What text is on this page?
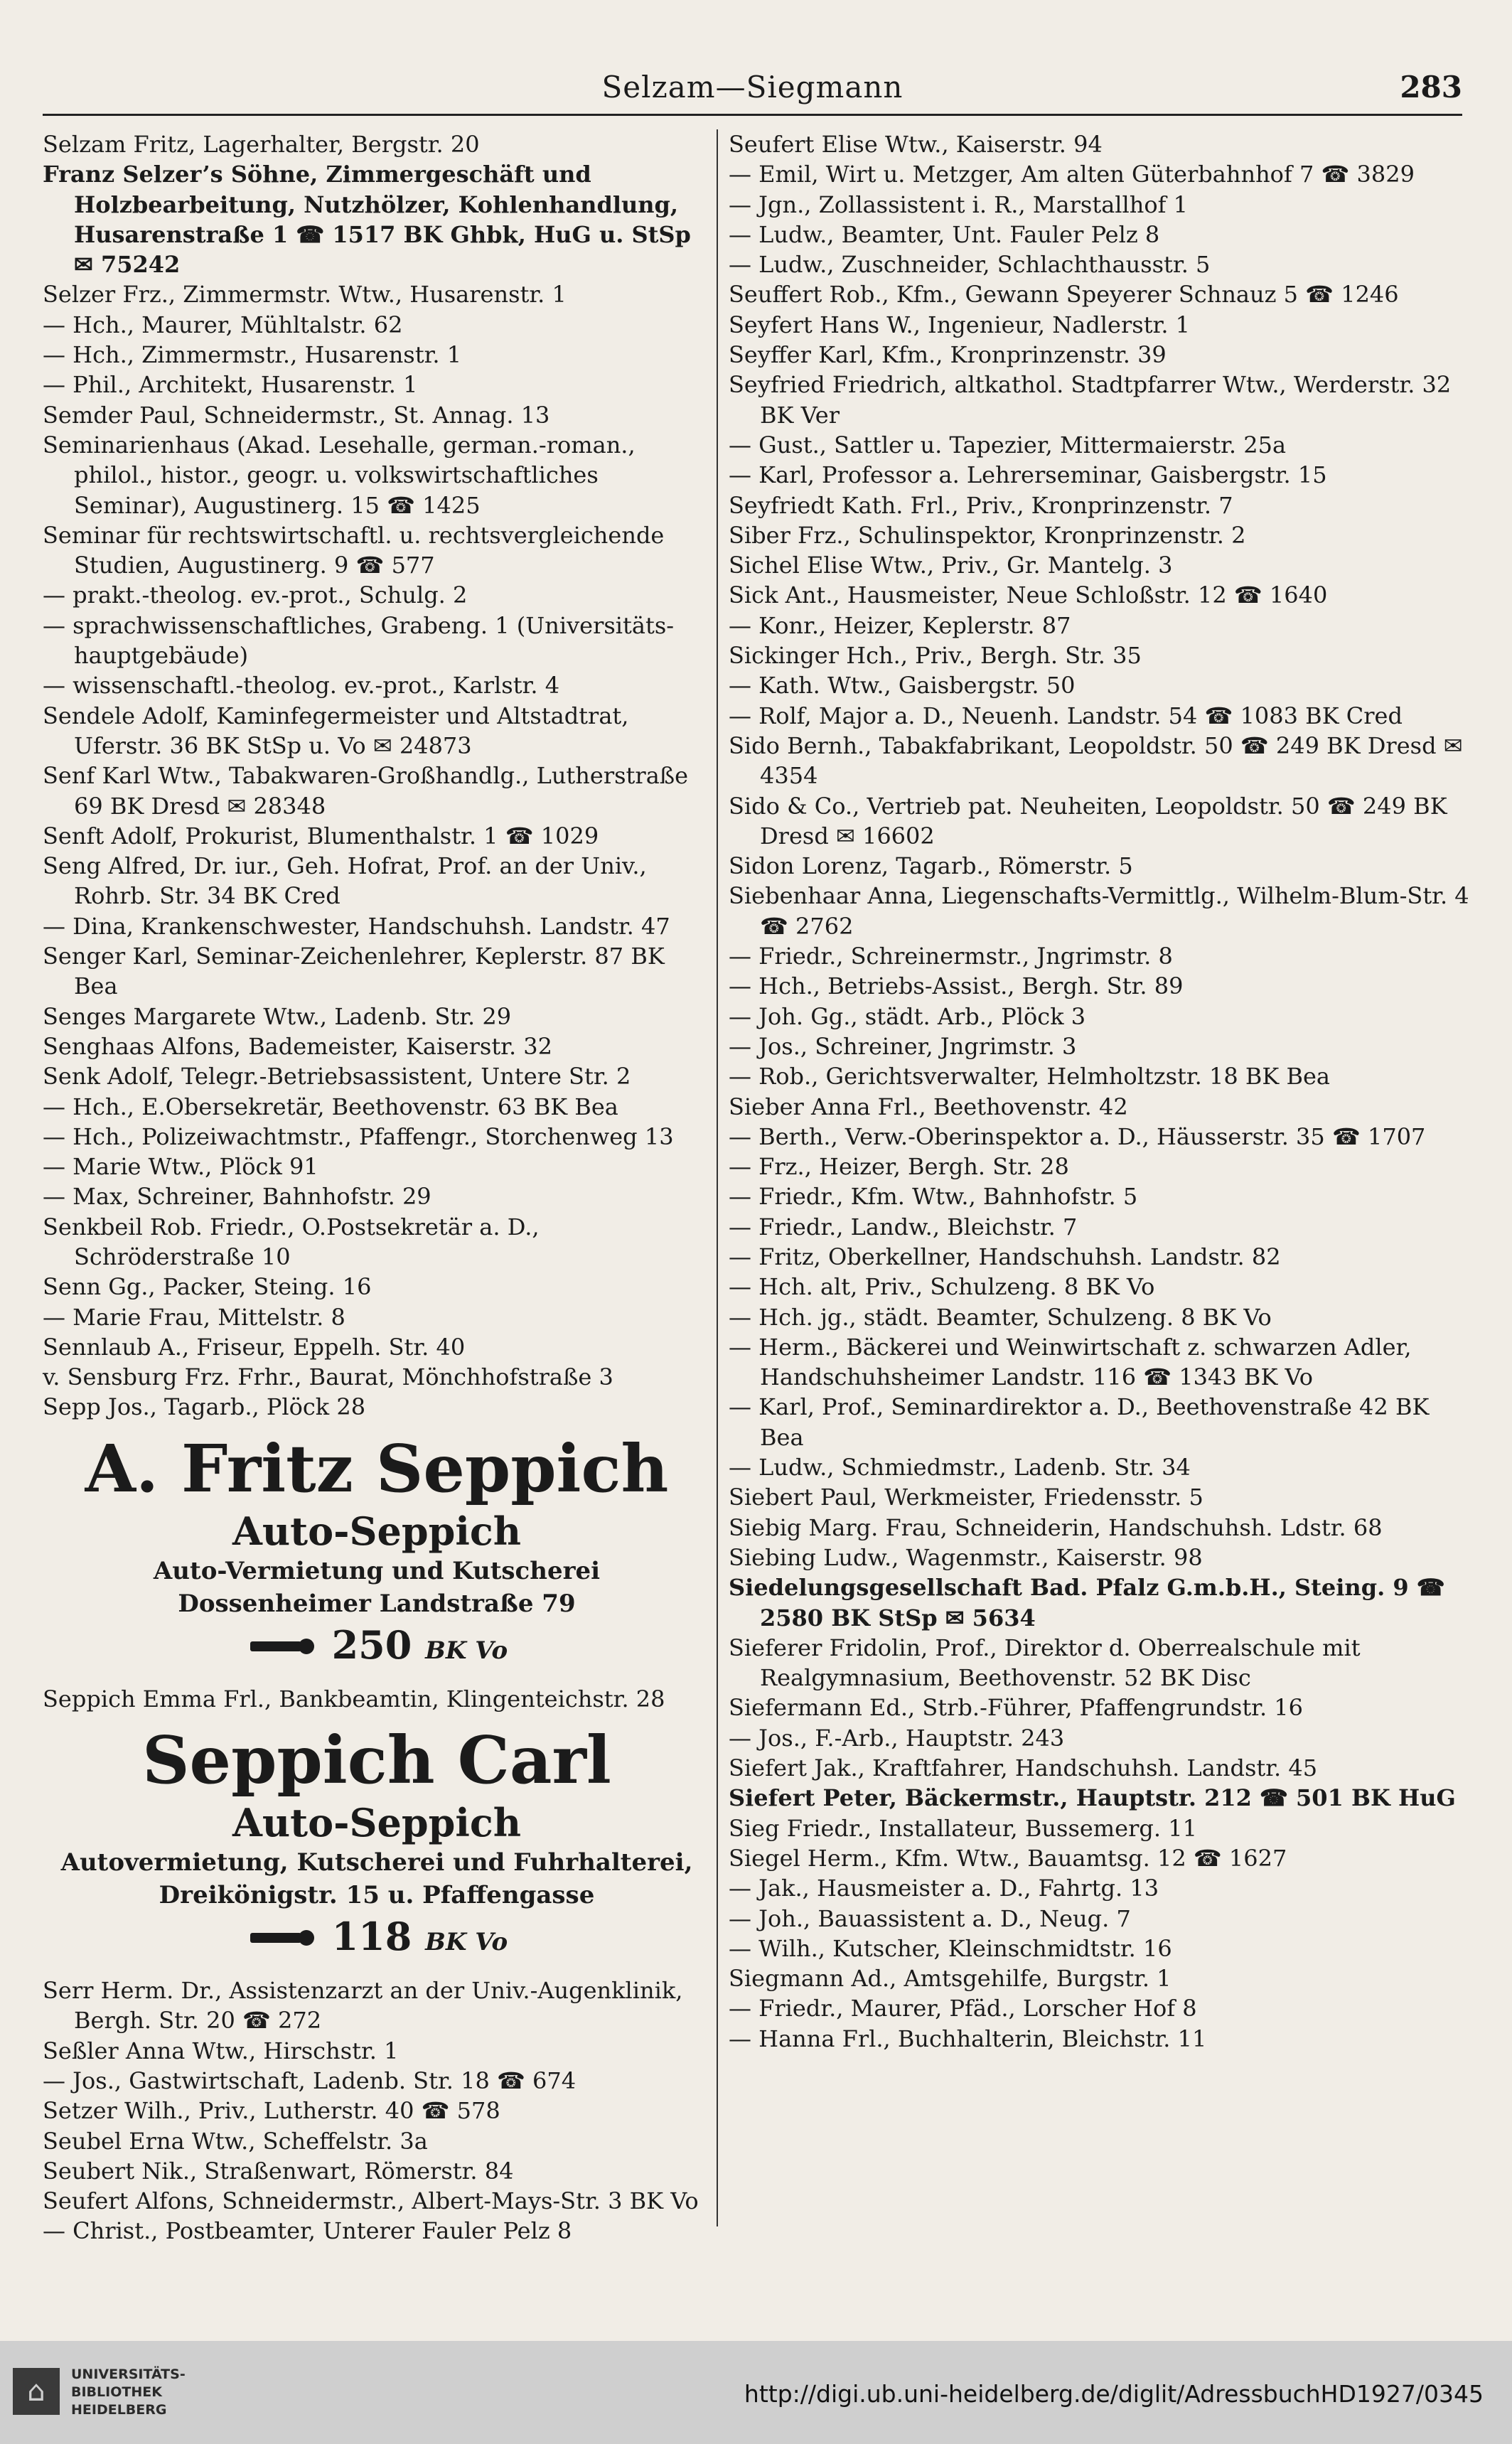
Selzam—Siegmann	283

Selzam Fritz, Lagerhalter, Bergstr. 20

Franz Selzer’s Söhne, Zimmergeschäft und Holzbearbeitung, Nutzhölzer, Kohlenhandlung, Husarenstraße 1 ☎ 1517 BK Ghbk, HuG u. StSp ✉ 75242

Selzer Frz., Zimmermstr. Wtw., Husarenstr. 1

— Hch., Maurer, Mühltalstr. 62

— Hch., Zimmermstr., Husarenstr. 1

— Phil., Architekt, Husarenstr. 1

Semder Paul, Schneidermstr., St. Annag. 13

Seminarienhaus (Akad. Lesehalle, german.-roman., philol., histor., geogr. u. volkswirtschaftliches Seminar), Augustinerg. 15 ☎ 1425

Seminar für rechtswirtschaftl. u. rechtsvergleichende Studien, Augustinerg. 9 ☎ 577

— prakt.-theolog. ev.-prot., Schulg. 2

— sprachwissenschaftliches, Grabeng. 1 (Universitäts-hauptgebäude)

— wissenschaftl.-theolog. ev.-prot., Karlstr. 4

Sendele Adolf, Kaminfegermeister und Altstadtrat, Uferstr. 36 BK StSp u. Vo ✉ 24873

Senf Karl Wtw., Tabakwaren-Großhandlg., Lutherstraße 69 BK Dresd ✉ 28348

Senft Adolf, Prokurist, Blumenthalstr. 1 ☎ 1029

Seng Alfred, Dr. iur., Geh. Hofrat, Prof. an der Univ., Rohrb. Str. 34 BK Cred

— Dina, Krankenschwester, Handschuhsh. Landstr. 47

Senger Karl, Seminar-Zeichenlehrer, Keplerstr. 87 BK Bea

Senges Margarete Wtw., Ladenb. Str. 29

Senghaas Alfons, Bademeister, Kaiserstr. 32

Senk Adolf, Telegr.-Betriebsassistent, Untere Str. 2

— Hch., E.Obersekretär, Beethovenstr. 63 BK Bea

— Hch., Polizeiwachtmstr., Pfaffengr., Storchenweg 13

— Marie Wtw., Plöck 91

— Max, Schreiner, Bahnhofstr. 29

Senkbeil Rob. Friedr., O.Postsekretär a. D., Schröderstraße 10

Senn Gg., Packer, Steing. 16

— Marie Frau, Mittelstr. 8

Sennlaub A., Friseur, Eppelh. Str. 40

v. Sensburg Frz. Frhr., Baurat, Mönchhofstraße 3

Sepp Jos., Tagarb., Plöck 28

A. Fritz Seppich
Auto-Seppich
Auto-Vermietung und Kutscherei
Dossenheimer Landstraße 79
250 BK Vo

Seppich Emma Frl., Bankbeamtin, Klingenteichstr. 28

Seppich Carl
Auto-Seppich
Autovermietung, Kutscherei und Fuhrhalterei, Dreikönigstr. 15 u. Pfaffengasse
118 BK Vo

Serr Herm. Dr., Assistenzarzt an der Univ.-Augenklinik, Bergh. Str. 20 ☎ 272

Seßler Anna Wtw., Hirschstr. 1

— Jos., Gastwirtschaft, Ladenb. Str. 18 ☎ 674

Setzer Wilh., Priv., Lutherstr. 40 ☎ 578

Seubel Erna Wtw., Scheffelstr. 3a

Seubert Nik., Straßenwart, Römerstr. 84

Seufert Alfons, Schneidermstr., Albert-Mays-Str. 3 BK Vo

— Christ., Postbeamter, Unterer Fauler Pelz 8

Seufert Elise Wtw., Kaiserstr. 94

— Emil, Wirt u. Metzger, Am alten Güterbahnhof 7 ☎ 3829

— Jgn., Zollassistent i. R., Marstallhof 1

— Ludw., Beamter, Unt. Fauler Pelz 8

— Ludw., Zuschneider, Schlachthausstr. 5

Seuffert Rob., Kfm., Gewann Speyerer Schnauz 5 ☎ 1246

Seyfert Hans W., Ingenieur, Nadlerstr. 1

Seyffer Karl, Kfm., Kronprinzenstr. 39

Seyfried Friedrich, altkathol. Stadtpfarrer Wtw., Werderstr. 32 BK Ver

— Gust., Sattler u. Tapezier, Mittermaierstr. 25a

— Karl, Professor a. Lehrerseminar, Gaisbergstr. 15

Seyfriedt Kath. Frl., Priv., Kronprinzenstr. 7

Siber Frz., Schulinspektor, Kronprinzenstr. 2

Sichel Elise Wtw., Priv., Gr. Mantelg. 3

Sick Ant., Hausmeister, Neue Schloßstr. 12 ☎ 1640

— Konr., Heizer, Keplerstr. 87

Sickinger Hch., Priv., Bergh. Str. 35

— Kath. Wtw., Gaisbergstr. 50

— Rolf, Major a. D., Neuenh. Landstr. 54 ☎ 1083 BK Cred

Sido Bernh., Tabakfabrikant, Leopoldstr. 50 ☎ 249 BK Dresd ✉ 4354

Sido & Co., Vertrieb pat. Neuheiten, Leopoldstr. 50 ☎ 249 BK Dresd ✉ 16602

Sidon Lorenz, Tagarb., Römerstr. 5

Siebenhaar Anna, Liegenschafts-Vermittlg., Wilhelm-Blum-Str. 4 ☎ 2762

— Friedr., Schreinermstr., Jngrimstr. 8

— Hch., Betriebs-Assist., Bergh. Str. 89

— Joh. Gg., städt. Arb., Plöck 3

— Jos., Schreiner, Jngrimstr. 3

— Rob., Gerichtsverwalter, Helmholtzstr. 18 BK Bea

Sieber Anna Frl., Beethovenstr. 42

— Berth., Verw.-Oberinspektor a. D., Häusserstr. 35 ☎ 1707

— Frz., Heizer, Bergh. Str. 28

— Friedr., Kfm. Wtw., Bahnhofstr. 5

— Friedr., Landw., Bleichstr. 7

— Fritz, Oberkellner, Handschuhsh. Landstr. 82

— Hch. alt, Priv., Schulzeng. 8 BK Vo

— Hch. jg., städt. Beamter, Schulzeng. 8 BK Vo

— Herm., Bäckerei und Weinwirtschaft z. schwarzen Adler, Handschuhsheimer Landstr. 116 ☎ 1343 BK Vo

— Karl, Prof., Seminardirektor a. D., Beethovenstraße 42 BK Bea

— Ludw., Schmiedmstr., Ladenb. Str. 34

Siebert Paul, Werkmeister, Friedensstr. 5

Siebig Marg. Frau, Schneiderin, Handschuhsh. Ldstr. 68

Siebing Ludw., Wagenmstr., Kaiserstr. 98

Siedelungsgesellschaft Bad. Pfalz G.m.b.H., Steing. 9 ☎ 2580 BK StSp ✉ 5634

Sieferer Fridolin, Prof., Direktor d. Oberrealschule mit Realgymnasium, Beethovenstr. 52 BK Disc

Siefermann Ed., Strb.-Führer, Pfaffengrundstr. 16

— Jos., F.-Arb., Hauptstr. 243

Siefert Jak., Kraftfahrer, Handschuhsh. Landstr. 45

Siefert Peter, Bäckermstr., Hauptstr. 212 ☎ 501 BK HuG

Sieg Friedr., Installateur, Bussemerg. 11

Siegel Herm., Kfm. Wtw., Bauamtsg. 12 ☎ 1627

— Jak., Hausmeister a. D., Fahrtg. 13

— Joh., Bauassistent a. D., Neug. 7

— Wilh., Kutscher, Kleinschmidtstr. 16

Siegmann Ad., Amtsgehilfe, Burgstr. 1

— Friedr., Maurer, Pfäd., Lorscher Hof 8

— Hanna Frl., Buchhalterin, Bleichstr. 11

⌂
UNIVERSITÄTS-
BIBLIOTHEK
HEIDELBERG
http://digi.ub.uni-heidelberg.de/diglit/AdressbuchHD1927/0345
